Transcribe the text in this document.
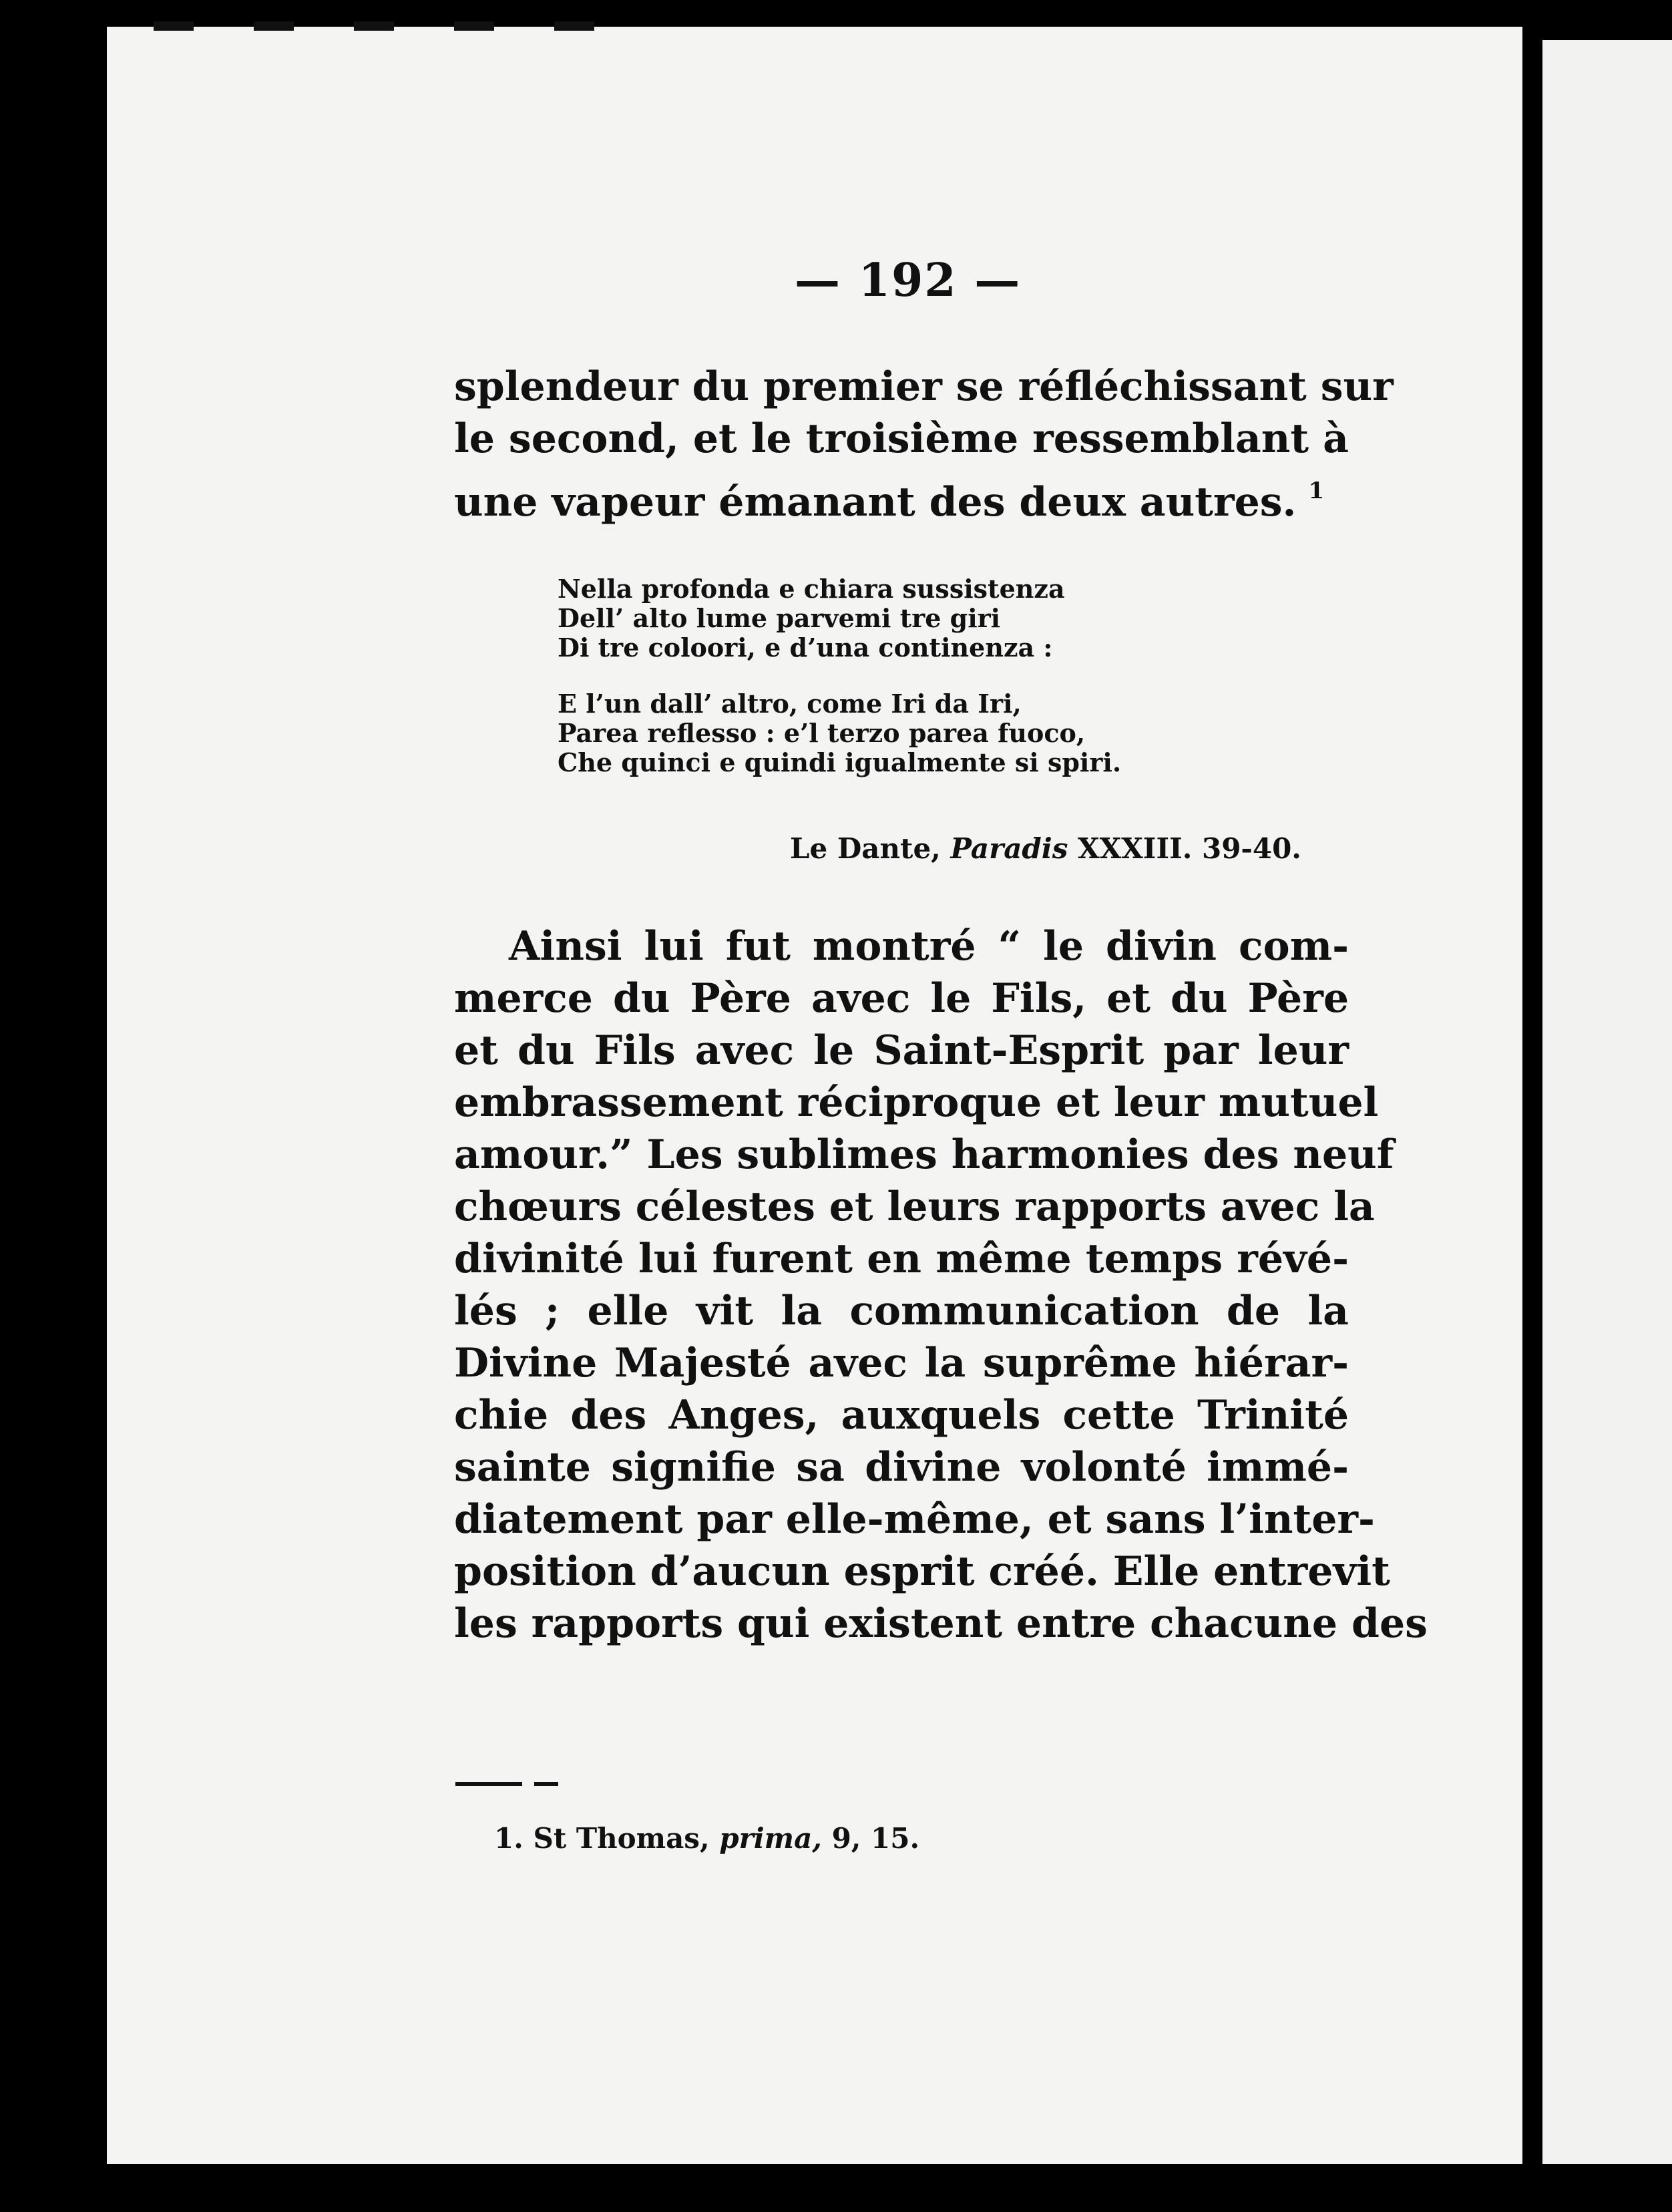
— 192 —

splendeur du premier se réfléchissant sur
le second, et le troisième ressemblant à
une vapeur émanant des deux autres. $^1$
Nella profonda e chiara sussistenza
Dell’ alto lume parvemi tre giri
Di tre coloori, e d’una continenza :
E l’un dall’ altro, come Iri da Iri,
Parea reflesso : e’l terzo parea fuoco,
Che quinci e quindi igualmente si spiri.

Le Dante, Paradis XXXIII. 39-40.

Ainsi lui fut montré “ le divin com-
merce du Père avec le Fils, et du Père
et du Fils avec le Saint-Esprit par leur
embrassement réciproque et leur mutuel
amour.” Les sublimes harmonies des neuf
chœurs célestes et leurs rapports avec la
divinité lui furent en même temps révé-
lés ; elle vit la communication de la
Divine Majesté avec la suprême hiérar-
chie des Anges, auxquels cette Trinité
sainte signifie sa divine volonté immé-
diatement par elle-même, et sans l’inter-
position d’aucun esprit créé. Elle entrevit
les rapports qui existent entre chacune des

1. St Thomas, prima, 9, 15.
